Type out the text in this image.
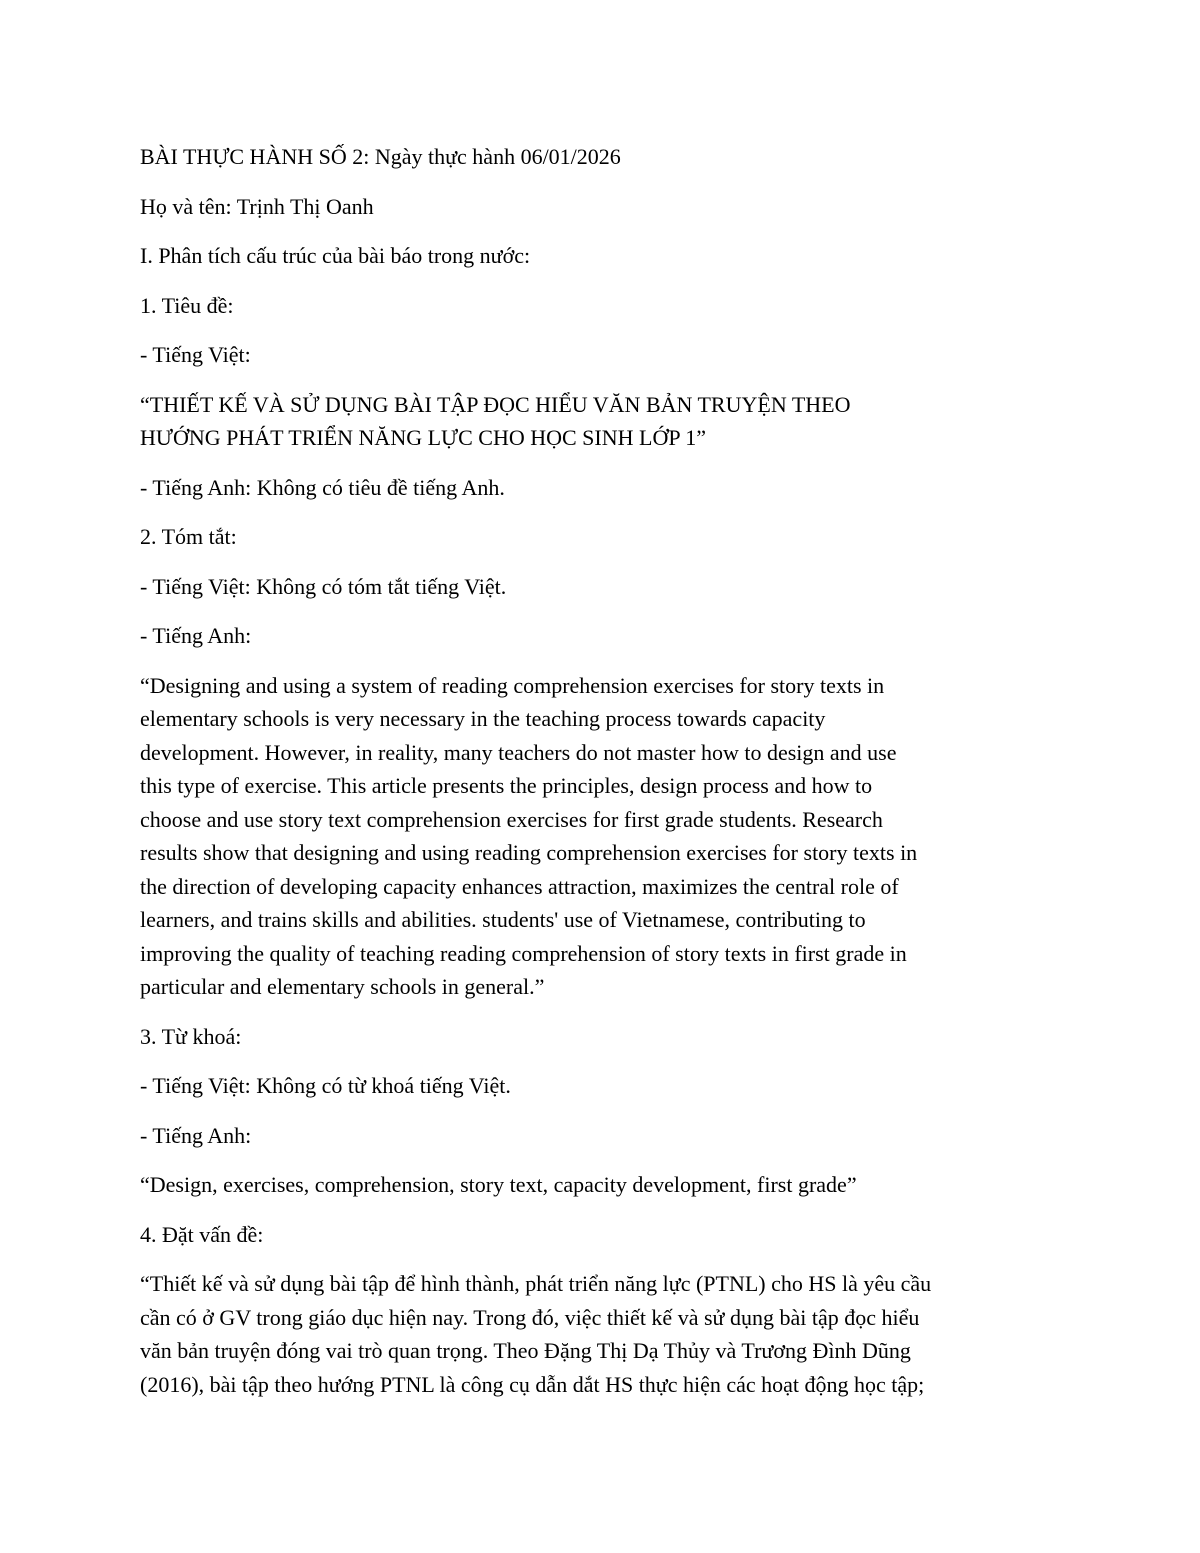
BÀI THỰC HÀNH SỐ 2: Ngày thực hành 06/01/2026

Họ và tên: Trịnh Thị Oanh

I. Phân tích cấu trúc của bài báo trong nước:

1. Tiêu đề:

- Tiếng Việt:

“THIẾT KẾ VÀ SỬ DỤNG BÀI TẬP ĐỌC HIỂU VĂN BẢN TRUYỆN THEO
HƯỚNG PHÁT TRIỂN NĂNG LỰC CHO HỌC SINH LỚP 1”

- Tiếng Anh: Không có tiêu đề tiếng Anh.

2. Tóm tắt:

- Tiếng Việt: Không có tóm tắt tiếng Việt.

- Tiếng Anh:

“Designing and using a system of reading comprehension exercises for story texts in
elementary schools is very necessary in the teaching process towards capacity
development. However, in reality, many teachers do not master how to design and use
this type of exercise. This article presents the principles, design process and how to
choose and use story text comprehension exercises for first grade students. Research
results show that designing and using reading comprehension exercises for story texts in
the direction of developing capacity enhances attraction, maximizes the central role of
learners, and trains skills and abilities. students' use of Vietnamese, contributing to
improving the quality of teaching reading comprehension of story texts in first grade in
particular and elementary schools in general.”

3. Từ khoá:

- Tiếng Việt: Không có từ khoá tiếng Việt.

- Tiếng Anh:

“Design, exercises, comprehension, story text, capacity development, first grade”

4. Đặt vấn đề:

“Thiết kế và sử dụng bài tập để hình thành, phát triển năng lực (PTNL) cho HS là yêu cầu
cần có ở GV trong giáo dục hiện nay. Trong đó, việc thiết kế và sử dụng bài tập đọc hiểu
văn bản truyện đóng vai trò quan trọng. Theo Đặng Thị Dạ Thủy và Trương Đình Dũng
(2016), bài tập theo hướng PTNL là công cụ dẫn dắt HS thực hiện các hoạt động học tập;
